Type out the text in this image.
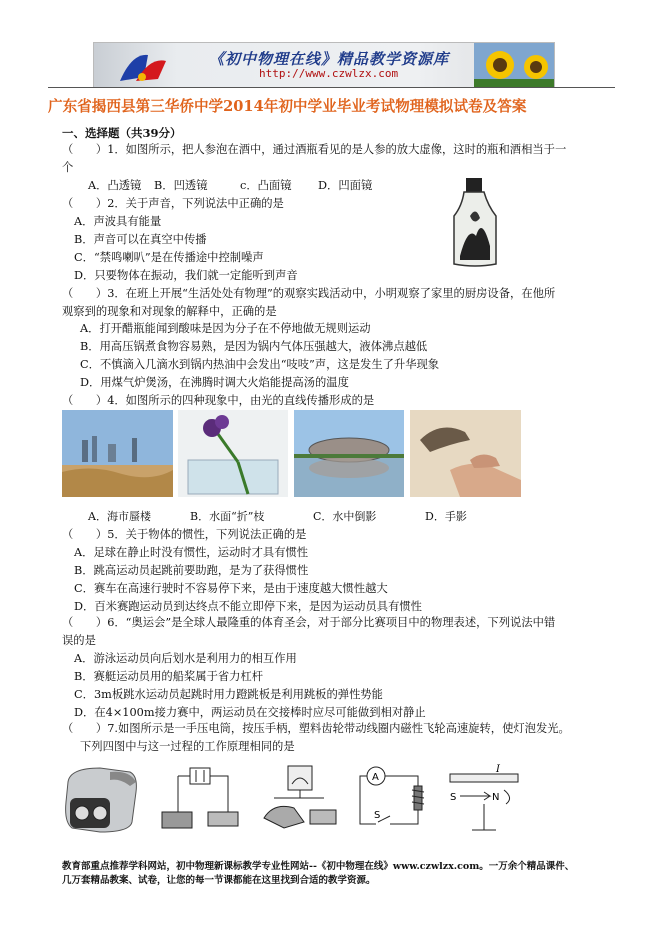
《初中物理在线》精品教学资源库
http://www.czwlzx.com
广东省揭西县第三华侨中学2014年初中学业毕业考试物理模拟试卷及答案
一、选择题（共39分）
（　　）1．如图所示，把人参泡在酒中，通过酒瓶看见的是人参的放大虚像，这时的瓶和酒相当于一
个
A．凸透镜 B．凹透镜	c．凸面镜 D．凹面镜
（　　）2．关于声音，下列说法中正确的是
A．声波具有能量
B．声音可以在真空中传播
C．“禁鸣喇叭”是在传播途中控制噪声
D．只要物体在振动，我们就一定能听到声音
（　　）3．在班上开展“生活处处有物理”的观察实践活动中，小明观察了家里的厨房设备，在他所
观察到的现象和对现象的解释中，正确的是
A．打开醋瓶能闻到酸味是因为分子在不停地做无规则运动
B．用高压锅煮食物容易熟，是因为锅内气体压强越大，液体沸点越低
C．不慎滴入几滴水到锅内热油中会发出“吱吱”声，这是发生了升华现象
D．用煤气炉煲汤，在沸腾时调大火焰能提高汤的温度
（　　）4．如图所示的四种现象中，由光的直线传播形成的是
A．海市蜃楼	B．水面“折”枝	C．水中倒影	D．手影
（　　）5．关于物体的惯性，下列说法正确的是
A．足球在静止时没有惯性，运动时才具有惯性
B．跳高运动员起跳前要助跑，是为了获得惯性
C．赛车在高速行驶时不容易停下来，是由于速度越大惯性越大
D．百米赛跑运动员到达终点不能立即停下来，是因为运动员具有惯性
（　　）6．“奥运会”是全球人最隆重的体育圣会，对于部分比赛项目中的物理表述，下列说法中错
误的是
A．游泳运动员向后划水是利用力的相互作用
B．赛艇运动员用的船桨属于省力杠杆
C．3m板跳水运动员起跳时用力蹬跳板是利用跳板的弹性势能
D．在4×100m接力赛中，两运动员在交接棒时应尽可能做到相对静止
（　　）7.如图所示是一手压电筒，按压手柄，塑料齿轮带动线圈内磁性飞轮高速旋转，使灯泡发光。
下列四图中与这一过程的工作原理相同的是
A
S
I
S	N
教育部重点推荐学科网站，初中物理新课标教学专业性网站--《初中物理在线》www.czwlzx.com。一万余个精品课件、
几万套精品教案、试卷，让您的每一节课都能在这里找到合适的教学资源。
